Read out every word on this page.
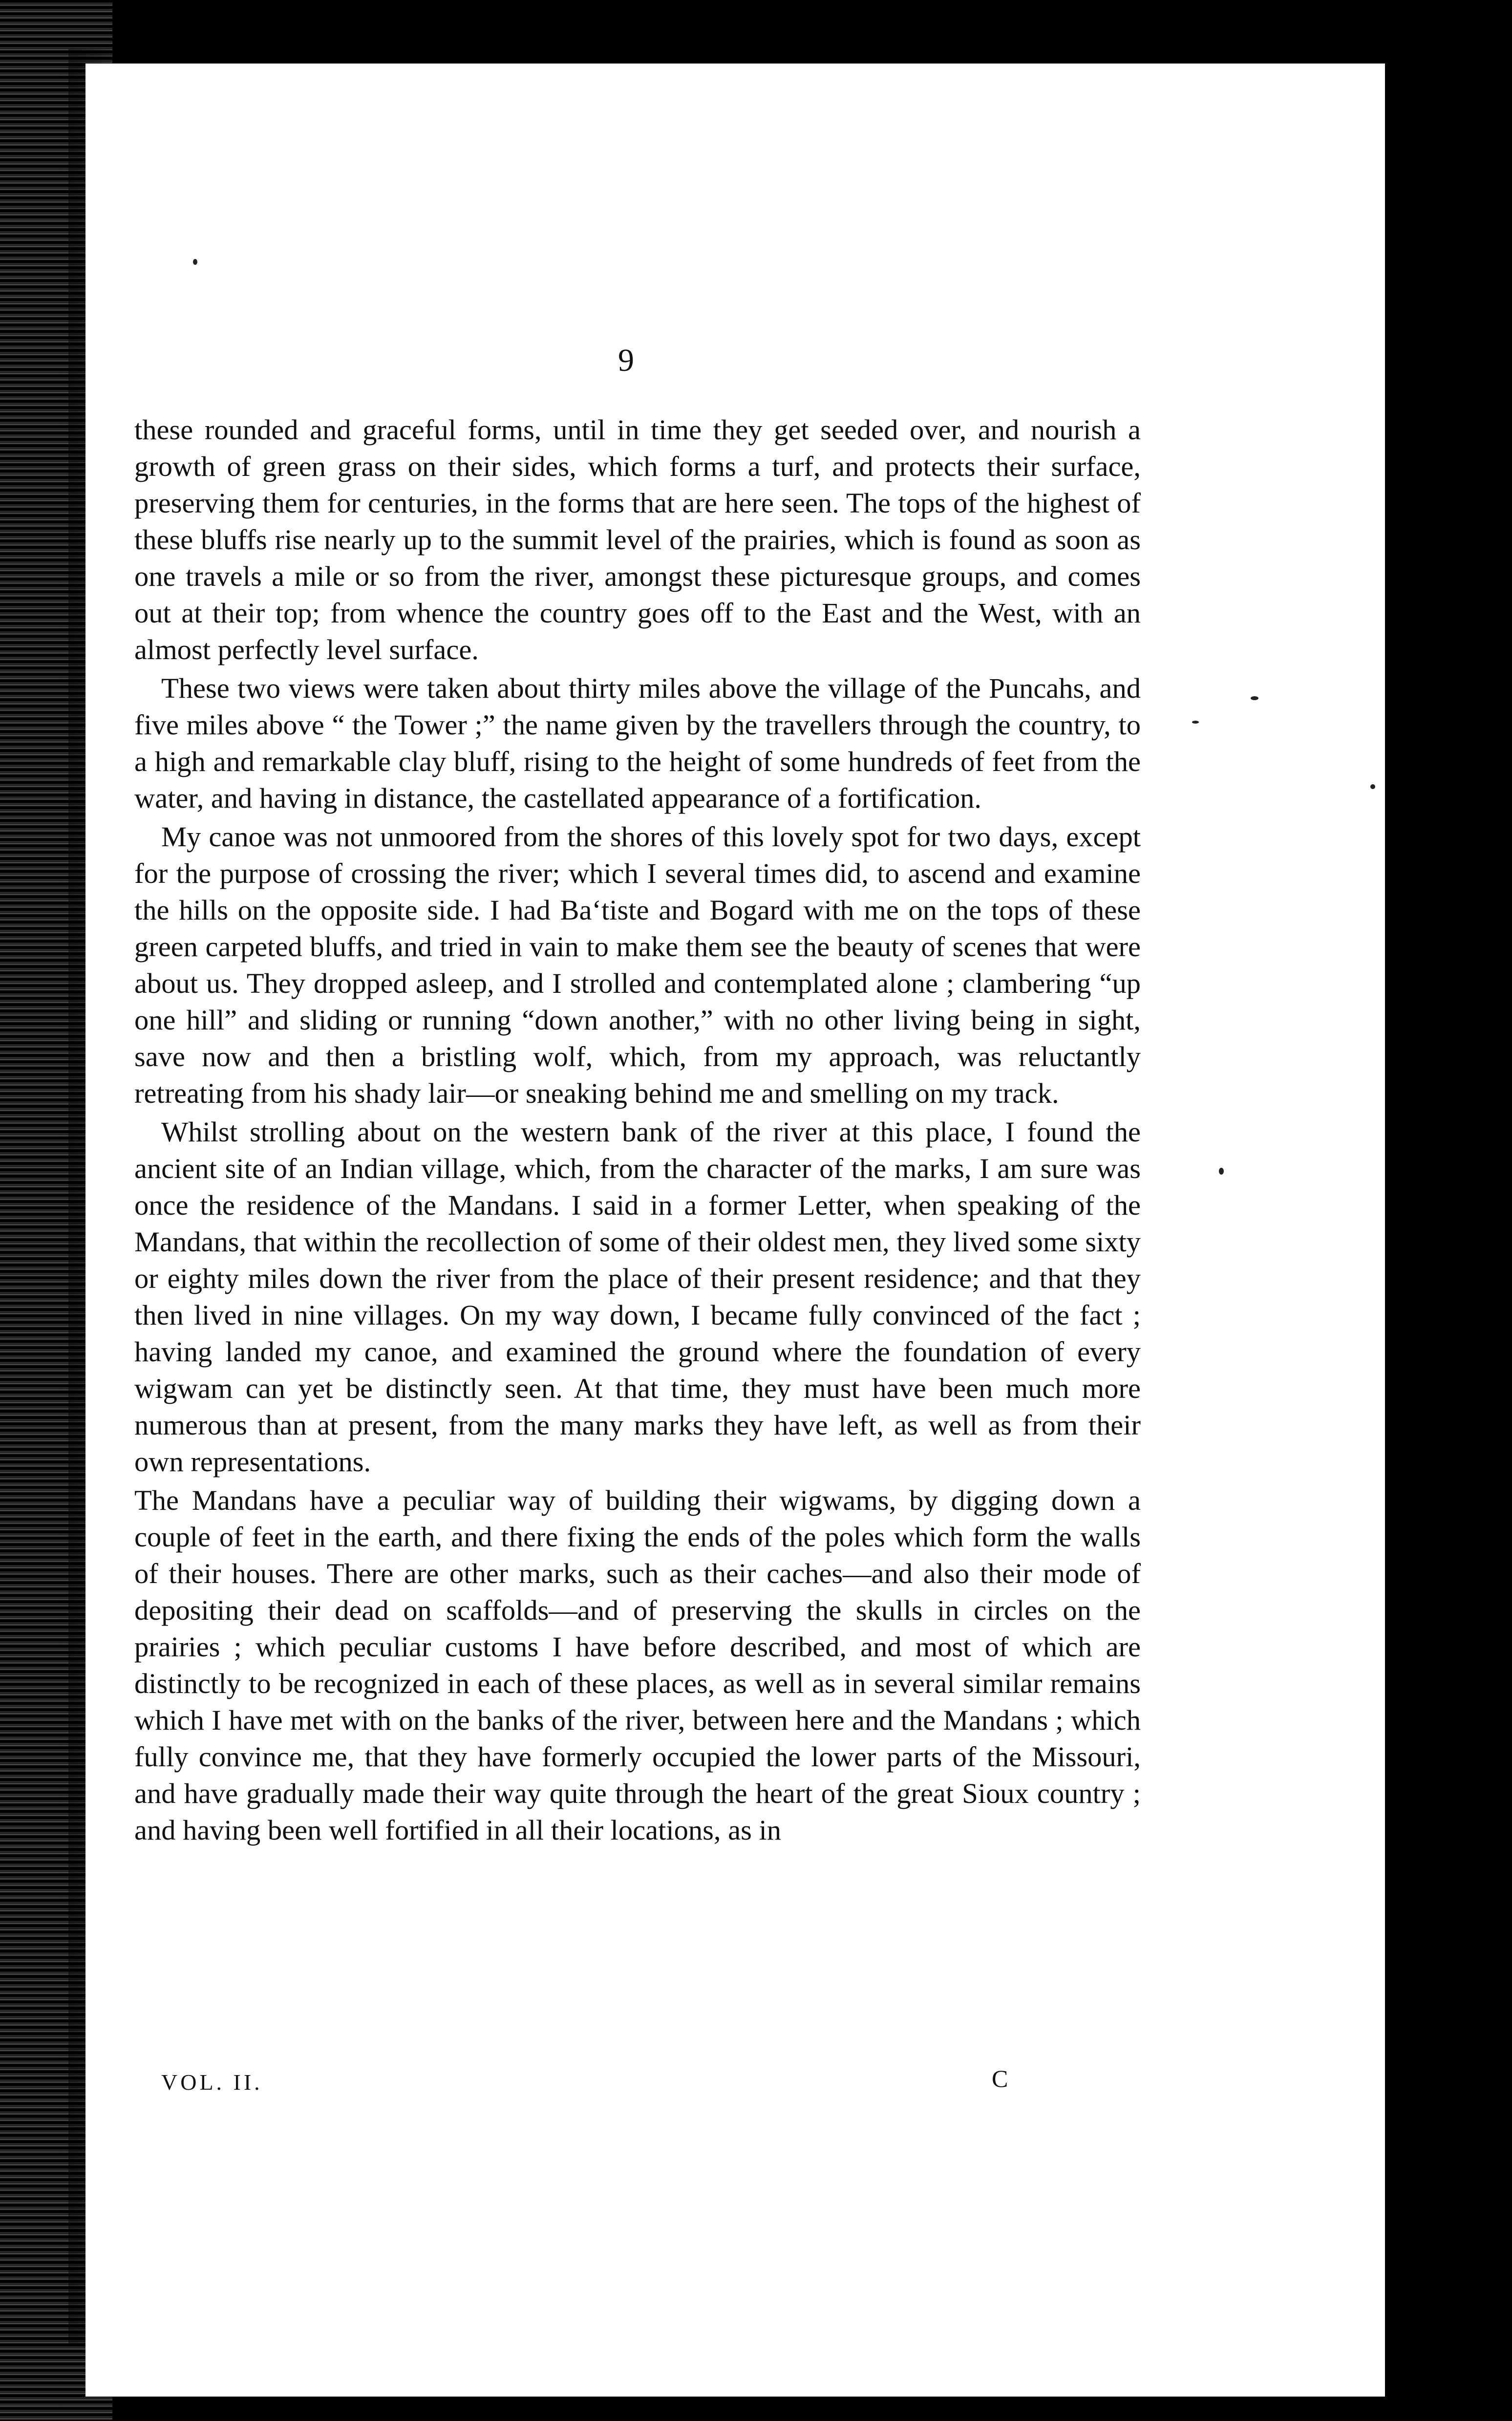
9

these rounded and graceful forms, until in time they get seeded over, and nourish a growth of green grass on their sides, which forms a turf, and protects their surface, preserving them for centuries, in the forms that are here seen. The tops of the highest of these bluffs rise nearly up to the summit level of the prairies, which is found as soon as one travels a mile or so from the river, amongst these picturesque groups, and comes out at their top; from whence the country goes off to the East and the West, with an almost perfectly level surface.

These two views were taken about thirty miles above the village of the Puncahs, and five miles above “ the Tower ;” the name given by the travellers through the country, to a high and remarkable clay bluff, rising to the height of some hundreds of feet from the water, and having in distance, the castellated appearance of a fortification.

My canoe was not unmoored from the shores of this lovely spot for two days, except for the purpose of crossing the river; which I several times did, to ascend and examine the hills on the opposite side. I had Ba‘tiste and Bogard with me on the tops of these green carpeted bluffs, and tried in vain to make them see the beauty of scenes that were about us. They dropped asleep, and I strolled and contemplated alone ; clambering “up one hill” and sliding or running “down another,” with no other living being in sight, save now and then a bristling wolf, which, from my approach, was reluctantly retreating from his shady lair—or sneaking behind me and smelling on my track.

Whilst strolling about on the western bank of the river at this place, I found the ancient site of an Indian village, which, from the character of the marks, I am sure was once the residence of the Mandans. I said in a former Letter, when speaking of the Mandans, that within the recollection of some of their oldest men, they lived some sixty or eighty miles down the river from the place of their present residence; and that they then lived in nine villages. On my way down, I became fully convinced of the fact ; having landed my canoe, and examined the ground where the foundation of every wigwam can yet be distinctly seen. At that time, they must have been much more numerous than at present, from the many marks they have left, as well as from their own representations.

The Mandans have a peculiar way of building their wigwams, by digging down a couple of feet in the earth, and there fixing the ends of the poles which form the walls of their houses. There are other marks, such as their caches—and also their mode of depositing their dead on scaffolds—and of preserving the skulls in circles on the prairies ; which peculiar customs I have before described, and most of which are distinctly to be recognized in each of these places, as well as in several similar remains which I have met with on the banks of the river, between here and the Mandans ; which fully convince me, that they have formerly occupied the lower parts of the Missouri, and have gradually made their way quite through the heart of the great Sioux country ; and having been well fortified in all their locations, as in

VOL. II.	C
